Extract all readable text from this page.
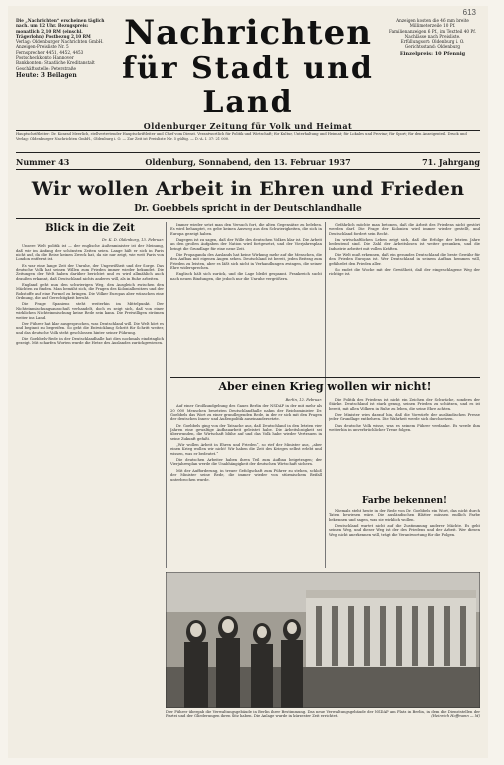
613
Die „Nachrichten“ erscheinen täglich nach. um 12 Uhr. Bezugspreis: monatlich 2,10 RM (einschl. Trägerlohn) Postbezug 2,10 RM
Verlag: Oldenburger Nachrichten GmbH.
Anzeigen-Preisliste Nr. 5
Fernsprecher 4451, 4452, 4453
Postscheckkonto Hannover
Bankkonten: Staatliche Kreditanstalt
Geschäftsstelle: Peterstraße
Heute: 3 Beilagen
Nachrichten
für Stadt und Land
Oldenburger Zeitung für Volk und Heimat
Anzeigen kosten die 46 mm breite Millimeterzeile 10 Pf.
Familienanzeigen 6 Pf., im Textteil 40 Pf.
Nachlässe nach Preisliste.
Erfüllungsort: Oldenburg i. O.
Gerichtsstand: Oldenburg
Einzelpreis: 10 Pfennig
Hauptschriftleiter: Dr. Konrad Meerlich, stellvertretender Hauptschriftleiter und Chef vom Dienst. Verantwortlich für Politik und Wirtschaft; für Kultur, Unterhaltung und Heimat; für Lokales und Provinz; für Sport; für den Anzeigenteil. Druck und Verlag: Oldenburger Nachrichten GmbH., Oldenburg i. O. — Zur Zeit ist Preisliste Nr. 5 gültig. — D.-A. I. 37: 21 000.
Nummer 43	Oldenburg, Sonnabend, den 13. Februar 1937	71. Jahrgang
Wir wollen Arbeit in Ehren und Frieden
Dr. Goebbels spricht in der Deutschlandhalle
Blick in die Zeit
Dr. K. D. Oldenburg, 13. Februar.

Unsere Welt politik ist — der englische Außenminister ist der Meinung, daß wir im Anfang der schönsten Zeiten seien. Lange hält er sich in Paris nicht auf, da die Reise keinen Zweck hat, da sie nur zeigt, wie weit Paris von London entfernt ist.

Es war eine lange Zeit der Unruhe, der Ungewißheit und der Sorge. Das deutsche Volk hat seinen Willen zum Frieden immer wieder bekundet. Die Zeitungen der Welt haben darüber berichtet und es wird allmählich auch draußen erkannt, daß Deutschland nichts anderes will, als in Ruhe arbeiten.

England geht nun den schwierigen Weg, den Ausgleich zwischen den Mächten zu finden. Man bemüht sich, die Fragen des Kolonialbesitzes und der Rohstoffe auf eine Formel zu bringen. Die Völker Europas aber wünschen eine Ordnung, die auf Gerechtigkeit beruht.

Die Frage Spaniens steht weiterhin im Mittelpunkt. Der Nichteinmischungsausschuß verhandelt, doch es zeigt sich, daß von einer wirklichen Nichteinmischung keine Rede sein kann. Die Freiwilligen strömen weiter ins Land.

Der Führer hat klar ausgesprochen, was Deutschland will. Die Welt hört es und beginnt zu begreifen. So geht die Entwicklung Schritt für Schritt weiter, und das deutsche Volk steht geschlossen hinter seiner Führung.

Die Goebbels-Rede in der Deutschlandhalle hat dies nochmals eindringlich gezeigt. Mit scharfen Worten wurde die Hetze des Auslandes zurückgewiesen.

Immer wieder setzt man den Versuch fort, die alten Gegensätze zu beleben. Es wird behauptet, es gebe keinen Ausweg aus den Schwierigkeiten, die sich in Europa gezeigt haben.

Dagegen ist zu sagen, daß der Wille des deutschen Volkes klar ist. Die Arbeit an den großen Aufgaben der Nation wird fortgesetzt, und der Vierjahresplan bringt die Grundlage für eine neue Zeit.

Die Propaganda des Auslands hat keine Wirkung mehr auf die Menschen, die den Aufbau mit eigenen Augen sehen. Deutschland ist bereit, jeden Beitrag zum Frieden zu leisten, aber es läßt sich nicht in Verhandlungen zwingen, die seiner Ehre widersprechen.

Englisch hält sich zurück, und die Lage bleibt gespannt. Frankreich sucht nach neuen Bindungen, die jedoch nur die Unruhe vergrößern.

Gefährlich möchte man betonen, daß die Arbeit des Friedens nicht gestört werden darf. Die Frage der Kolonien wird immer wieder gestellt, und Deutschland fordert sein Recht.

Im wirtschaftlichen Leben zeigt sich, daß die Erfolge der letzten Jahre bedeutend sind. Die Zahl der Arbeitslosen ist weiter gesunken, und die Industrie arbeitet mit vollen Kräften.

Die Welt muß erkennen, daß ein gesundes Deutschland die beste Gewähr für den Frieden Europas ist. Wer Deutschland in seinem Aufbau hemmen will, gefährdet den Frieden aller.

So endet die Woche mit der Gewißheit, daß der eingeschlagene Weg der richtige ist.

Aber einen Krieg wollen wir nicht!
Berlin, 12. Februar.

Auf einer Großkundgebung des Gaues Berlin der NSDAP in der mit mehr als 20 000 Menschen besetzten Deutschlandhalle nahm der Reichsminister Dr. Goebbels das Wort zu einer grundlegenden Rede, in der er sich mit den Fragen der deutschen Innen- und Außenpolitik auseinandersetzte.

Dr. Goebbels ging von der Tatsache aus, daß Deutschland in den letzten vier Jahren eine gewaltige Aufbauarbeit geleistet habe. Die Arbeitslosigkeit sei überwunden, die Wirtschaft blühe auf und das Volk habe wieder Vertrauen in seine Zukunft gefaßt.

„Wir wollen Arbeit in Ehren und Frieden“, so rief der Minister aus, „aber einen Krieg wollen wir nicht! Wir haben die Zeit des Krieges selbst erlebt und wissen, was er bedeutet.“

Die deutschen Arbeiter haben ihren Teil zum Aufbau beigetragen; der Vierjahresplan werde die Unabhängigkeit der deutschen Wirtschaft sichern.

Mit der Aufforderung, in treuer Gefolgschaft zum Führer zu stehen, schloß der Minister seine Rede, die immer wieder von stürmischem Beifall unterbrochen wurde.

Die Politik des Friedens ist nicht ein Zeichen der Schwäche, sondern der Stärke. Deutschland ist stark genug, seinen Frieden zu schützen, und es ist bereit, mit allen Völkern in Ruhe zu leben, die seine Ehre achten.

Der Minister wies darauf hin, daß die Vorwürfe der ausländischen Presse jeder Grundlage entbehren. Die Wahrheit werde sich durchsetzen.

Das deutsche Volk wisse, was es seinem Führer verdanke. Es werde ihm weiterhin in unverbrüchlicher Treue folgen.

Farbe bekennen!

Niemals steht heute in der Rede von Dr. Goebbels ein Wort, das nicht durch Taten bewiesen wäre. Die ausländischen Blätter müssen endlich Farbe bekennen und sagen, was sie wirklich wollen.

Deutschland wartet nicht auf die Zustimmung anderer Mächte. Es geht seinen Weg, und dieser Weg ist der des Friedens und der Arbeit. Wer diesen Weg nicht anerkennen will, trägt die Verantwortung für die Folgen.

Der Führer übergab die Verwaltungsgebäude in Berlin ihrer Bestimmung. Das neue Verwaltungsgebäude der NSDAP am Platz in Berlin, in dem die Dienststellen der Partei und der Gliederungen ihren Sitz haben. Die Anlage wurde in kürzester Zeit errichtet.	(Heinrich Hoffmann — M)
